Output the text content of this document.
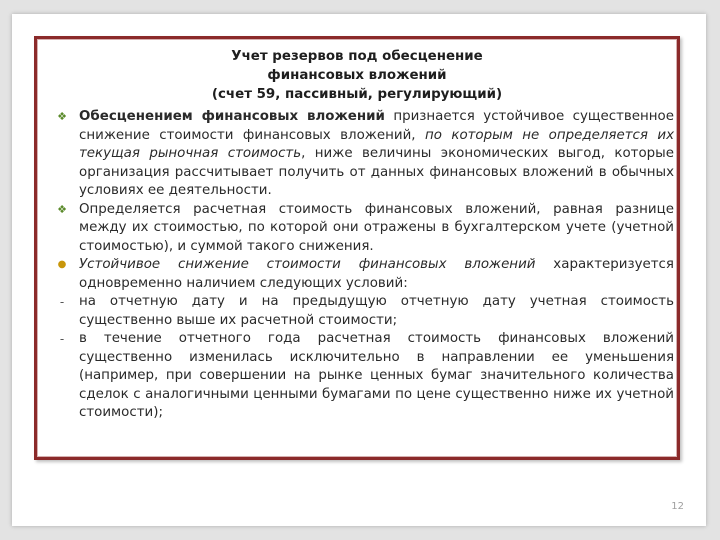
Учет резервов под обесценение
финансовых вложений
(счет 59, пассивный, регулирующий)
❖ Обесценением финансовых вложений признается устойчивое существенное снижение стоимости финансовых вложений, по которым не определяется их текущая рыночная стоимость, ниже величины экономических выгод, которые организация рассчитывает получить от данных финансовых вложений в обычных условиях ее деятельности.
❖ Определяется расчетная стоимость финансовых вложений, равная разнице между их стоимостью, по которой они отражены в бухгалтерском учете (учетной стоимостью), и суммой такого снижения.
● Устойчивое снижение стоимости финансовых вложений характеризуется одновременно наличием следующих условий:
-	на отчетную дату и на предыдущую отчетную дату учетная стоимость существенно выше их расчетной стоимости;
-	в течение отчетного года расчетная стоимость финансовых вложений существенно изменилась исключительно в направлении ее уменьшения (например, при совершении на рынке ценных бумаг значительного количества сделок с аналогичными ценными бумагами по цене существенно ниже их учетной стоимости);
12
